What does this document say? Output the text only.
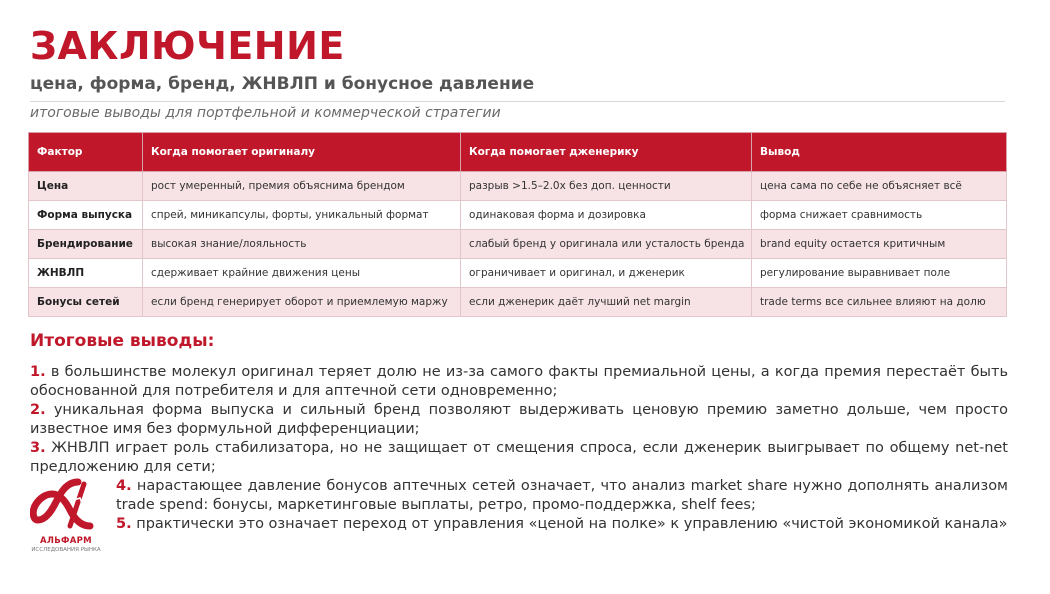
ЗАКЛЮЧЕНИЕ
цена, форма, бренд, ЖНВЛП и бонусное давление

итоговые выводы для портфельной и коммерческой стратегии

Фактор	Когда помогает оригиналу	Когда помогает дженерику	Вывод
Цена	рост умеренный, премия объяснима брендом	разрыв >1.5–2.0x без доп. ценности	цена сама по себе не объясняет всё
Форма выпуска	спрей, миникапсулы, форты, уникальный формат	одинаковая форма и дозировка	форма снижает сравнимость
Брендирование	высокая знание/лояльность	слабый бренд у оригинала или усталость бренда	brand equity остается критичным
ЖНВЛП	сдерживает крайние движения цены	ограничивает и оригинал, и дженерик	регулирование выравнивает поле
Бонусы сетей	если бренд генерирует оборот и приемлемую маржу	если дженерик даёт лучший net margin	trade terms все сильнее влияют на долю
Итоговые выводы:

1. в большинстве молекул оригинал теряет долю не из-за самого факты премиальной цены, а когда премия перестаёт быть обоснованной для потребителя и для аптечной сети одновременно;

2. уникальная форма выпуска и сильный бренд позволяют выдерживать ценовую премию заметно дольше, чем просто известное имя без формульной дифференциации;

3. ЖНВЛП играет роль стабилизатора, но не защищает от смещения спроса, если дженерик выигрывает по общему net-net предложению для сети;

4. нарастающее давление бонусов аптечных сетей означает, что анализ market share нужно дополнять анализом trade spend: бонусы, маркетинговые выплаты, ретро, промо-поддержка, shelf fees;

5. практически это означает переход от управления «ценой на полке» к управлению «чистой экономикой канала»

АЛЬФАРМ
ИССЛЕДОВАНИЯ РЫНКА
